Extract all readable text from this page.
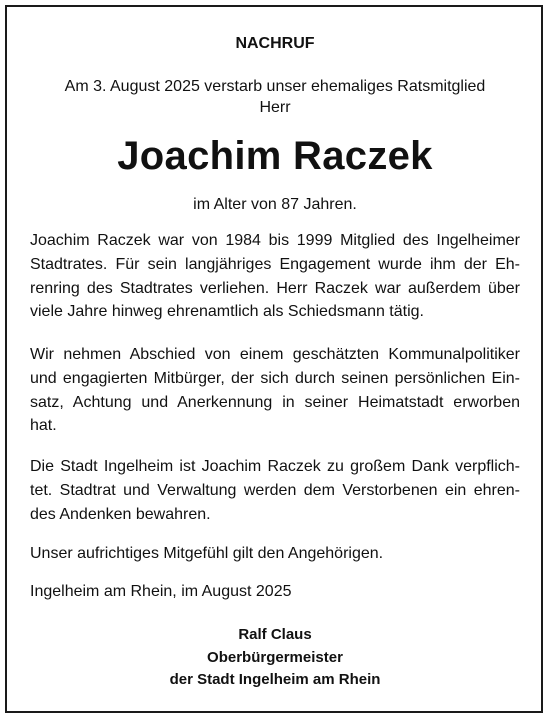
NACHRUF
Am 3. August 2025 verstarb unser ehemaliges Ratsmitglied
Herr
Joachim Raczek
im Alter von 87 Jahren.
Joachim Raczek war von 1984 bis 1999 Mitglied des Ingelheimer
Stadtrates. Für sein langjähriges Engagement wurde ihm der Eh-
renring des Stadtrates verliehen. Herr Raczek war außerdem über
viele Jahre hinweg ehrenamtlich als Schiedsmann tätig.
Wir nehmen Abschied von einem geschätzten Kommunalpolitiker
und engagierten Mitbürger, der sich durch seinen persönlichen Ein-
satz, Achtung und Anerkennung in seiner Heimatstadt erworben
hat.
Die Stadt Ingelheim ist Joachim Raczek zu großem Dank verpflich-
tet. Stadtrat und Verwaltung werden dem Verstorbenen ein ehren-
des Andenken bewahren.
Unser aufrichtiges Mitgefühl gilt den Angehörigen.
Ingelheim am Rhein, im August 2025
Ralf Claus
Oberbürgermeister
der Stadt Ingelheim am Rhein
